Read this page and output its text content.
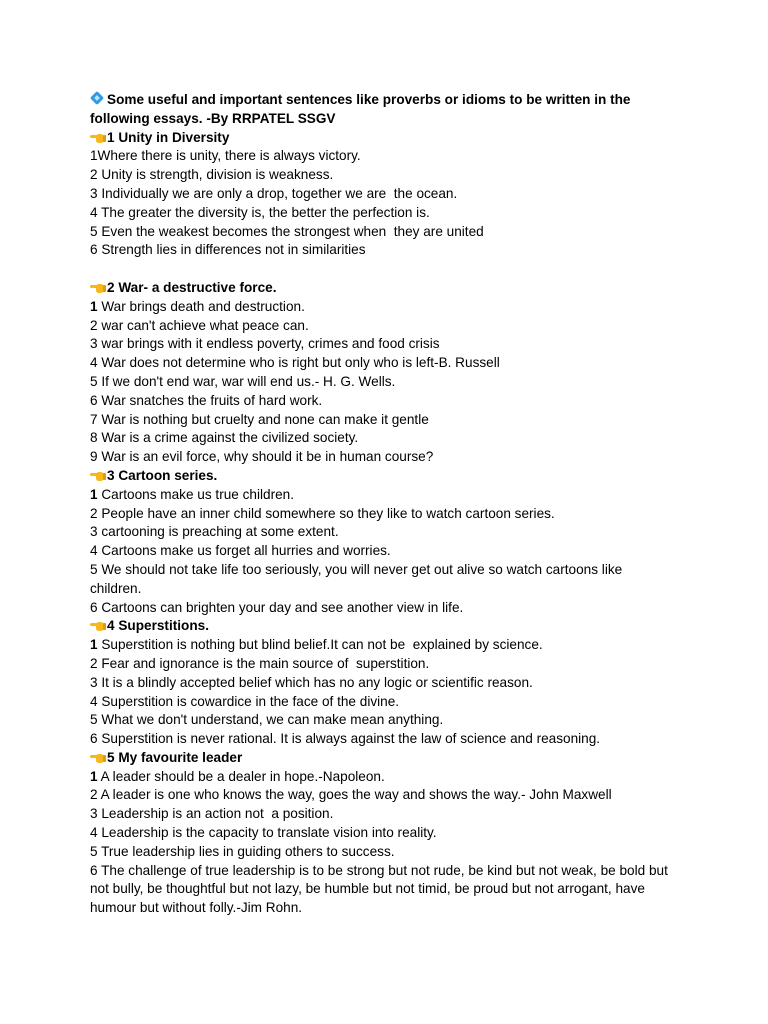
Some useful and important sentences like proverbs or idioms to be written in the
following essays. -By RRPATEL SSGV
1 Unity in Diversity
1Where there is unity, there is always victory.
2 Unity is strength, division is weakness.
3 Individually we are only a drop, together we are  the ocean.
4 The greater the diversity is, the better the perfection is.
5 Even the weakest becomes the strongest when  they are united
6 Strength lies in differences not in similarities
2 War- a destructive force.
1 War brings death and destruction.
2 war can't achieve what peace can.
3 war brings with it endless poverty, crimes and food crisis
4 War does not determine who is right but only who is left-B. Russell
5 If we don't end war, war will end us.- H. G. Wells.
6 War snatches the fruits of hard work.
7 War is nothing but cruelty and none can make it gentle
8 War is a crime against the civilized society.
9 War is an evil force, why should it be in human course?
3 Cartoon series.
1 Cartoons make us true children.
2 People have an inner child somewhere so they like to watch cartoon series.
3 cartooning is preaching at some extent.
4 Cartoons make us forget all hurries and worries.
5 We should not take life too seriously, you will never get out alive so watch cartoons like
children.
6 Cartoons can brighten your day and see another view in life.
4 Superstitions.
1 Superstition is nothing but blind belief.It can not be  explained by science.
2 Fear and ignorance is the main source of  superstition.
3 It is a blindly accepted belief which has no any logic or scientific reason.
4 Superstition is cowardice in the face of the divine.
5 What we don't understand, we can make mean anything.
6 Superstition is never rational. It is always against the law of science and reasoning.
5 My favourite leader
1 A leader should be a dealer in hope.-Napoleon.
2 A leader is one who knows the way, goes the way and shows the way.- John Maxwell
3 Leadership is an action not  a position.
4 Leadership is the capacity to translate vision into reality.
5 True leadership lies in guiding others to success.
6 The challenge of true leadership is to be strong but not rude, be kind but not weak, be bold but
not bully, be thoughtful but not lazy, be humble but not timid, be proud but not arrogant, have
humour but without folly.-Jim Rohn.
